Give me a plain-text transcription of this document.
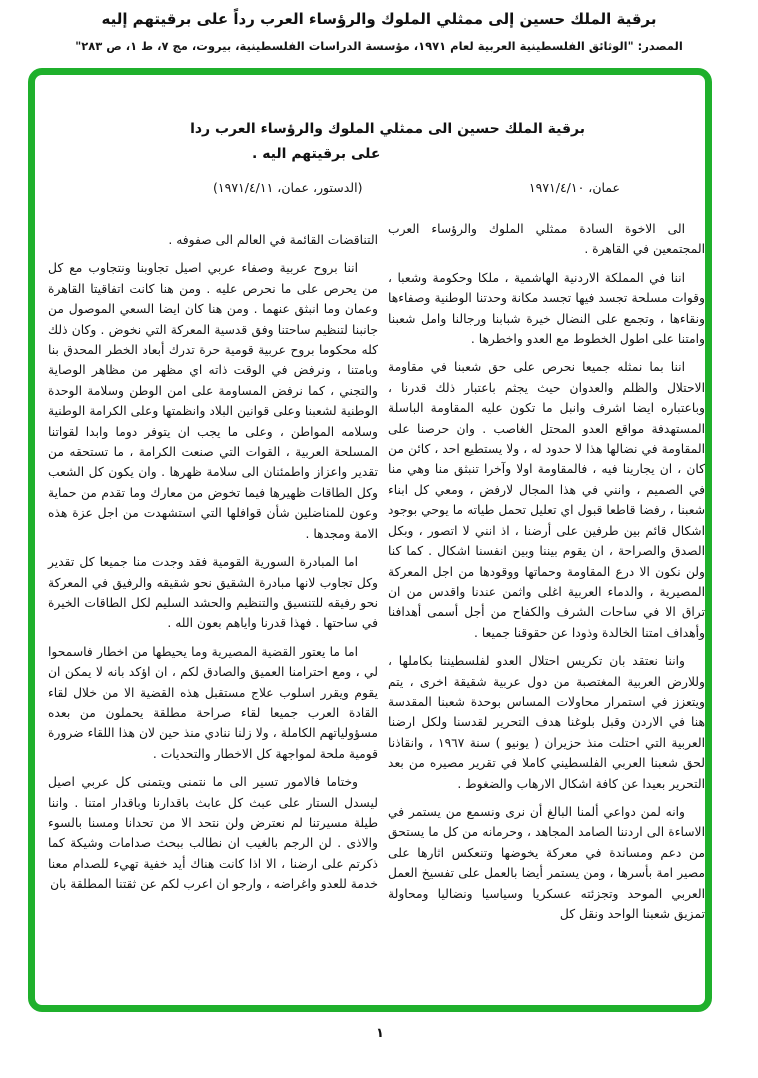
برقية الملك حسين إلى ممثلي الملوك والرؤساء العرب رداً على برقيتهم إليه
المصدر: "الوثائق الفلسطينية العربية لعام ١٩٧١، مؤسسة الدراسات الفلسطينية، بيروت، مج ٧، ط ١، ص ٢٨٣"
برقية الملك حسين الى ممثلي الملوك والرؤساء العرب ردا
على برقيتهم اليه .
عمان، ١٩٧١/٤/١٠
(الدستور، عمان، ١٩٧١/٤/١١)

الى الاخوة السادة ممثلي الملوك والرؤساء العرب المجتمعين في القاهرة .

اننا في المملكة الاردنية الهاشمية ، ملكا وحكومة وشعبا ، وقوات مسلحة تجسد فيها تجسد مكانة وحدتنا الوطنية وصفاءها ونقاءها ، وتجمع على النضال خيرة شبابنا ورجالنا وامل شعبنا وامتنا على اطول الخطوط مع العدو واخطرها .

اننا بما نمثله جميعا نحرص على حق شعبنا في مقاومة الاحتلال والظلم والعدوان حيث يجثم باعتبار ذلك قدرنا ، وباعتباره ايضا اشرف وانبل ما تكون عليه المقاومة الباسلة المستهدفة مواقع العدو المحتل الغاصب . وان حرصنا على المقاومة في نضالها هذا لا حدود له ، ولا يستطيع احد ، كائن من كان ، ان يجارينا فيه ، فالمقاومة اولا وآخرا تنبثق منا وهي منا في الصميم ، وانني في هذا المجال لارفض ، ومعي كل ابناء شعبنا ، رفضا قاطعا قبول اي تعليل تحمل طياته ما يوحي بوجود اشكال قائم بين طرفين على أرضنا ، اذ انني لا اتصور ، وبكل الصدق والصراحة ، ان يقوم بيننا وبين انفسنا اشكال . كما كنا ولن نكون الا درع المقاومة وحماتها ووقودها من اجل المعركة المصيرية ، والدماء العربية اغلى واثمن عندنا واقدس من ان تراق الا في ساحات الشرف والكفاح من أجل أسمى أهدافنا وأهداف امتنا الخالدة وذودا عن حقوقنا جميعا .

واننا نعتقد بان تكريس احتلال العدو لفلسطيننا بكاملها ، وللارض العربية المغتصبة من دول عربية شقيقة اخرى ، يتم ويتعزز في استمرار محاولات المساس بوحدة شعبنا المقدسة هنا في الاردن وقبل بلوغنا هدف التحرير لقدسنا ولكل ارضنا العربية التي احتلت منذ حزيران ( يونيو ) سنة ١٩٦٧ ، وانقاذنا لحق شعبنا العربي الفلسطيني كاملا في تقرير مصيره من بعد التحرير بعيدا عن كافة اشكال الارهاب والضغوط .

وانه لمن دواعي ألمنا البالغ أن نرى ونسمع من يستمر في الاساءة الى اردننا الصامد المجاهد ، وحرمانه من كل ما يستحق من دعم ومساندة في معركة يخوضها وتنعكس اثارها على مصير امة بأسرها ، ومن يستمر أيضا بالعمل على تفسيخ العمل العربي الموحد وتجزئته عسكريا وسياسيا ونضاليا ومحاولة تمزيق شعبنا الواحد ونقل كل

التناقضات القائمة في العالم الى صفوفه .

اننا بروح عربية وصفاء عربي اصيل تجاوبنا ونتجاوب مع كل من يحرص على ما نحرص عليه . ومن هنا كانت اتفاقيتا القاهرة وعمان وما انبثق عنهما . ومن هنا كان ايضا السعي الموصول من جانبنا لتنظيم ساحتنا وفق قدسية المعركة التي نخوض . وكان ذلك كله محكوما بروح عربية قومية حرة تدرك أبعاد الخطر المحدق بنا وبامتنا ، ونرفض في الوقت ذاته اي مظهر من مظاهر الوصاية والتجني ، كما نرفض المساومة على امن الوطن وسلامة الوحدة الوطنية لشعبنا وعلى قوانين البلاد وانظمتها وعلى الكرامة الوطنية وسلامه المواطن ، وعلى ما يجب ان يتوفر دوما وابدا لقواتنا المسلحة العربية ، القوات التي صنعت الكرامة ، ما تستحقه من تقدير واعزاز واطمئنان الى سلامة ظهرها . وان يكون كل الشعب وكل الطاقات ظهيرها فيما تخوض من معارك وما تقدم من حماية وعون للمناضلين شأن قوافلها التي استشهدت من اجل عزة هذه الامة ومجدها .

اما المبادرة السورية القومية فقد وجدت منا جميعا كل تقدير وكل تجاوب لانها مبادرة الشقيق نحو شقيقه والرفيق في المعركة نحو رفيقه للتنسيق والتنظيم والحشد السليم لكل الطاقات الخيرة في ساحتها . فهذا قدرنا واياهم بعون الله .

اما ما يعتور القضية المصيرية وما يحيطها من اخطار فاسمحوا لي ، ومع احترامنا العميق والصادق لكم ، ان اؤكد بانه لا يمكن ان يقوم ويقرر اسلوب علاج مستقبل هذه القضية الا من خلال لقاء القادة العرب جميعا لقاء صراحة مطلقة يحملون من بعده مسؤولياتهم الكاملة ، ولا زلنا ننادي منذ حين لان هذا اللقاء ضرورة قومية ملحة لمواجهة كل الاخطار والتحديات .

وختاما فالامور تسير الى ما نتمنى ويتمنى كل عربي اصيل ليسدل الستار على عبث كل عابث باقدارنا وباقدار امتنا . واننا طيلة مسيرتنا لم نعترض ولن نتحد الا من تحدانا ومسنا بالسوء والاذى . لن الرجم بالغيب ان نطالب ببحث صدامات وشيكة كما ذكرتم على ارضنا ، الا اذا كانت هناك أيد خفية تهيء للصدام معنا خدمة للعدو واغراضه ، وارجو ان اعرب لكم عن ثقتنا المطلقة بان

١
